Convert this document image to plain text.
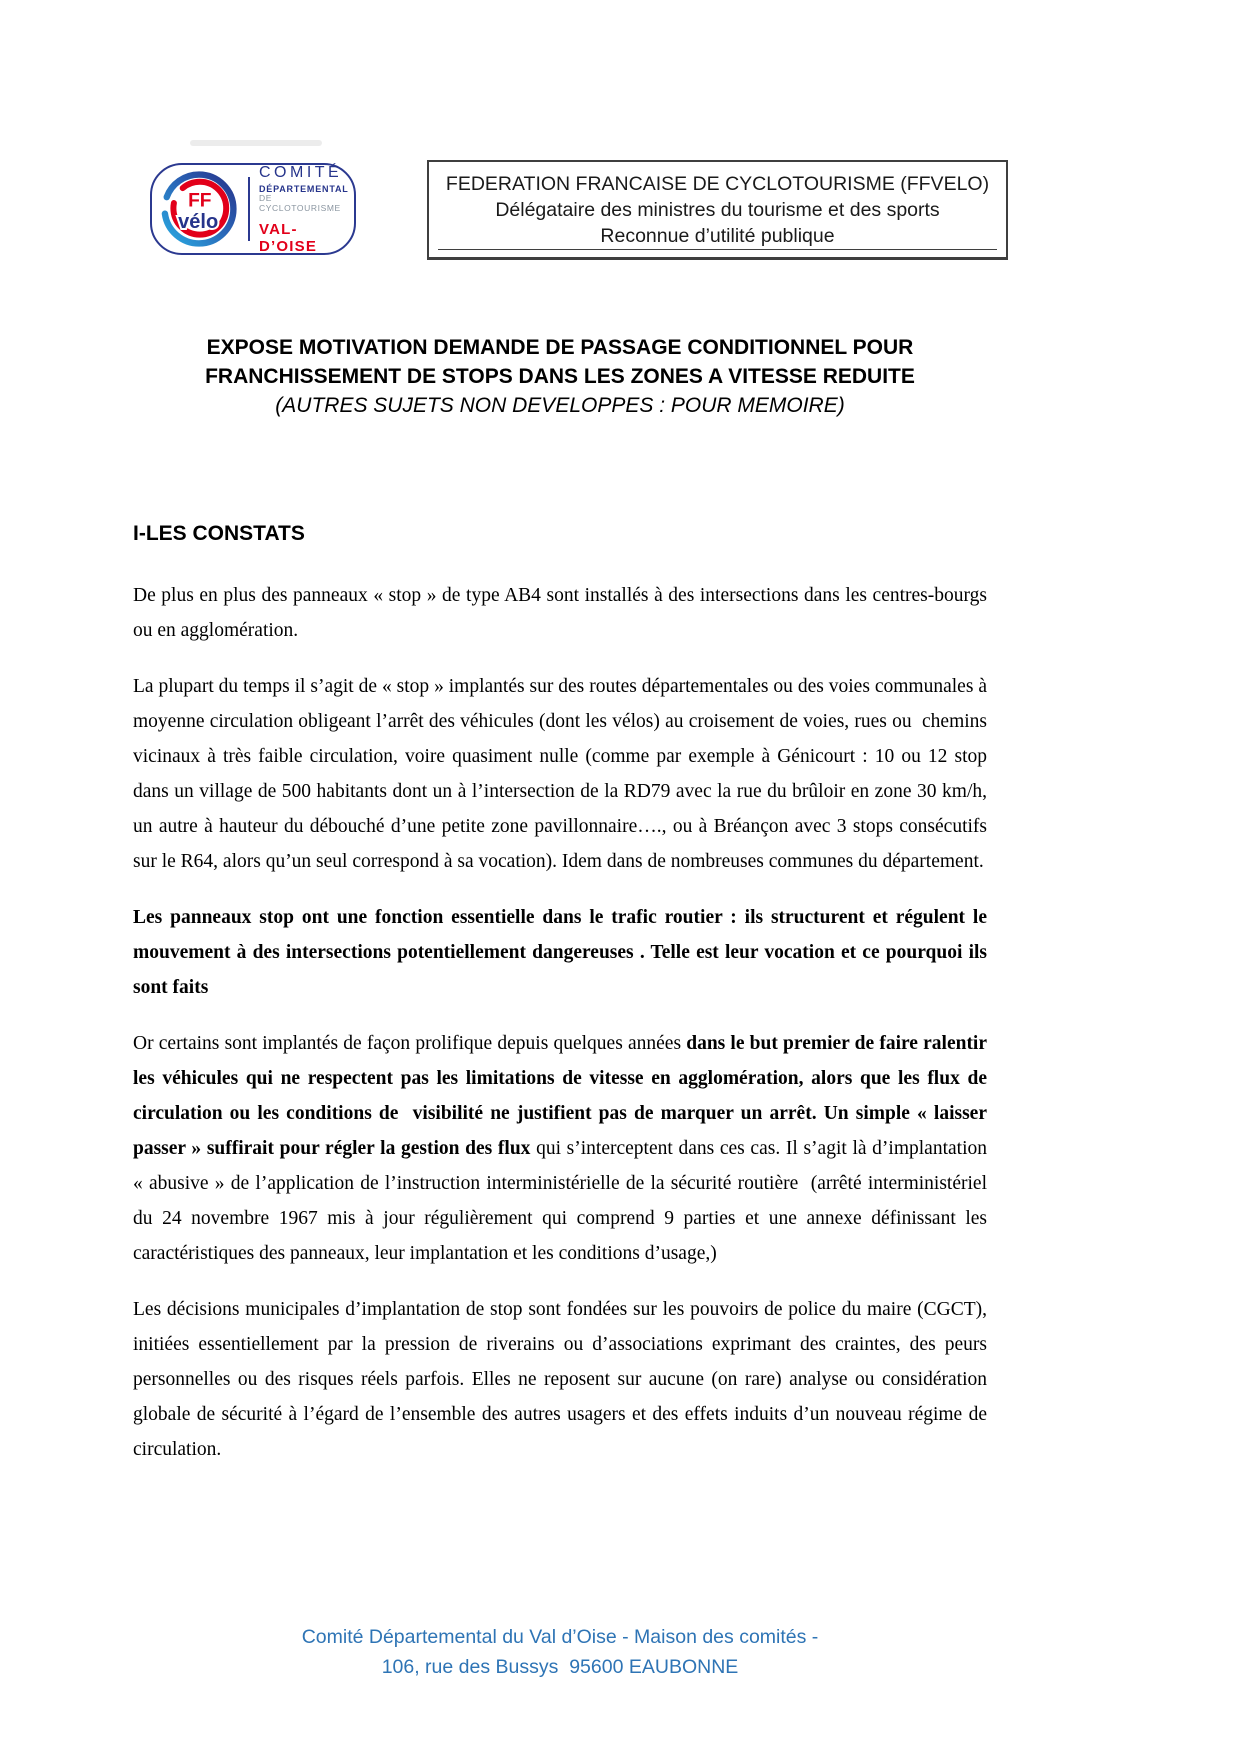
FF
vélo
COMITÉ
DÉPARTEMENTAL
DE CYCLOTOURISME
VAL-D’OISE
FEDERATION FRANCAISE DE CYCLOTOURISME (FFVELO)
Délégataire des ministres du tourisme et des sports
Reconnue d’utilité publique
EXPOSE MOTIVATION DEMANDE DE PASSAGE CONDITIONNEL POUR
FRANCHISSEMENT DE STOPS DANS LES ZONES A VITESSE REDUITE
(AUTRES SUJETS NON DEVELOPPES : POUR MEMOIRE)
I-LES CONSTATS

De plus en plus des panneaux « stop » de type AB4 sont installés à des intersections dans les centres-bourgs ou en agglomération.

La plupart du temps il s’agit de « stop » implantés sur des routes départementales ou des voies communales à moyenne circulation obligeant l’arrêt des véhicules (dont les vélos) au croisement de voies, rues ou  chemins vicinaux à très faible circulation, voire quasiment nulle (comme par exemple à Génicourt : 10 ou 12 stop dans un village de 500 habitants dont un à l’intersection de la RD79 avec la rue du brûloir en zone 30 km/h, un autre à hauteur du débouché d’une petite zone pavillonnaire…., ou à Bréançon avec 3 stops consécutifs sur le R64, alors qu’un seul correspond à sa vocation). Idem dans de nombreuses communes du département.

Les panneaux stop ont une fonction essentielle dans le trafic routier : ils structurent et régulent le mouvement à des intersections potentiellement dangereuses . Telle est leur vocation et ce pourquoi ils sont faits

Or certains sont implantés de façon prolifique depuis quelques années dans le but premier de faire ralentir les véhicules qui ne respectent pas les limitations de vitesse en agglomération, alors que les flux de circulation ou les conditions de  visibilité ne justifient pas de marquer un arrêt. Un simple « laisser passer » suffirait pour régler la gestion des flux qui s’interceptent dans ces cas. Il s’agit là d’implantation « abusive » de l’application de l’instruction interministérielle de la sécurité routière  (arrêté interministériel du 24 novembre 1967 mis à jour régulièrement qui comprend 9 parties et une annexe définissant les caractéristiques des panneaux, leur implantation et les conditions d’usage,)

Les décisions municipales d’implantation de stop sont fondées sur les pouvoirs de police du maire (CGCT), initiées essentiellement par la pression de riverains ou d’associations exprimant des craintes, des peurs personnelles ou des risques réels parfois. Elles ne reposent sur aucune (on rare) analyse ou considération globale de sécurité à l’égard de l’ensemble des autres usagers et des effets induits d’un nouveau régime de circulation.

Comité Départemental du Val d’Oise - Maison des comités -
106, rue des Bussys  95600 EAUBONNE
